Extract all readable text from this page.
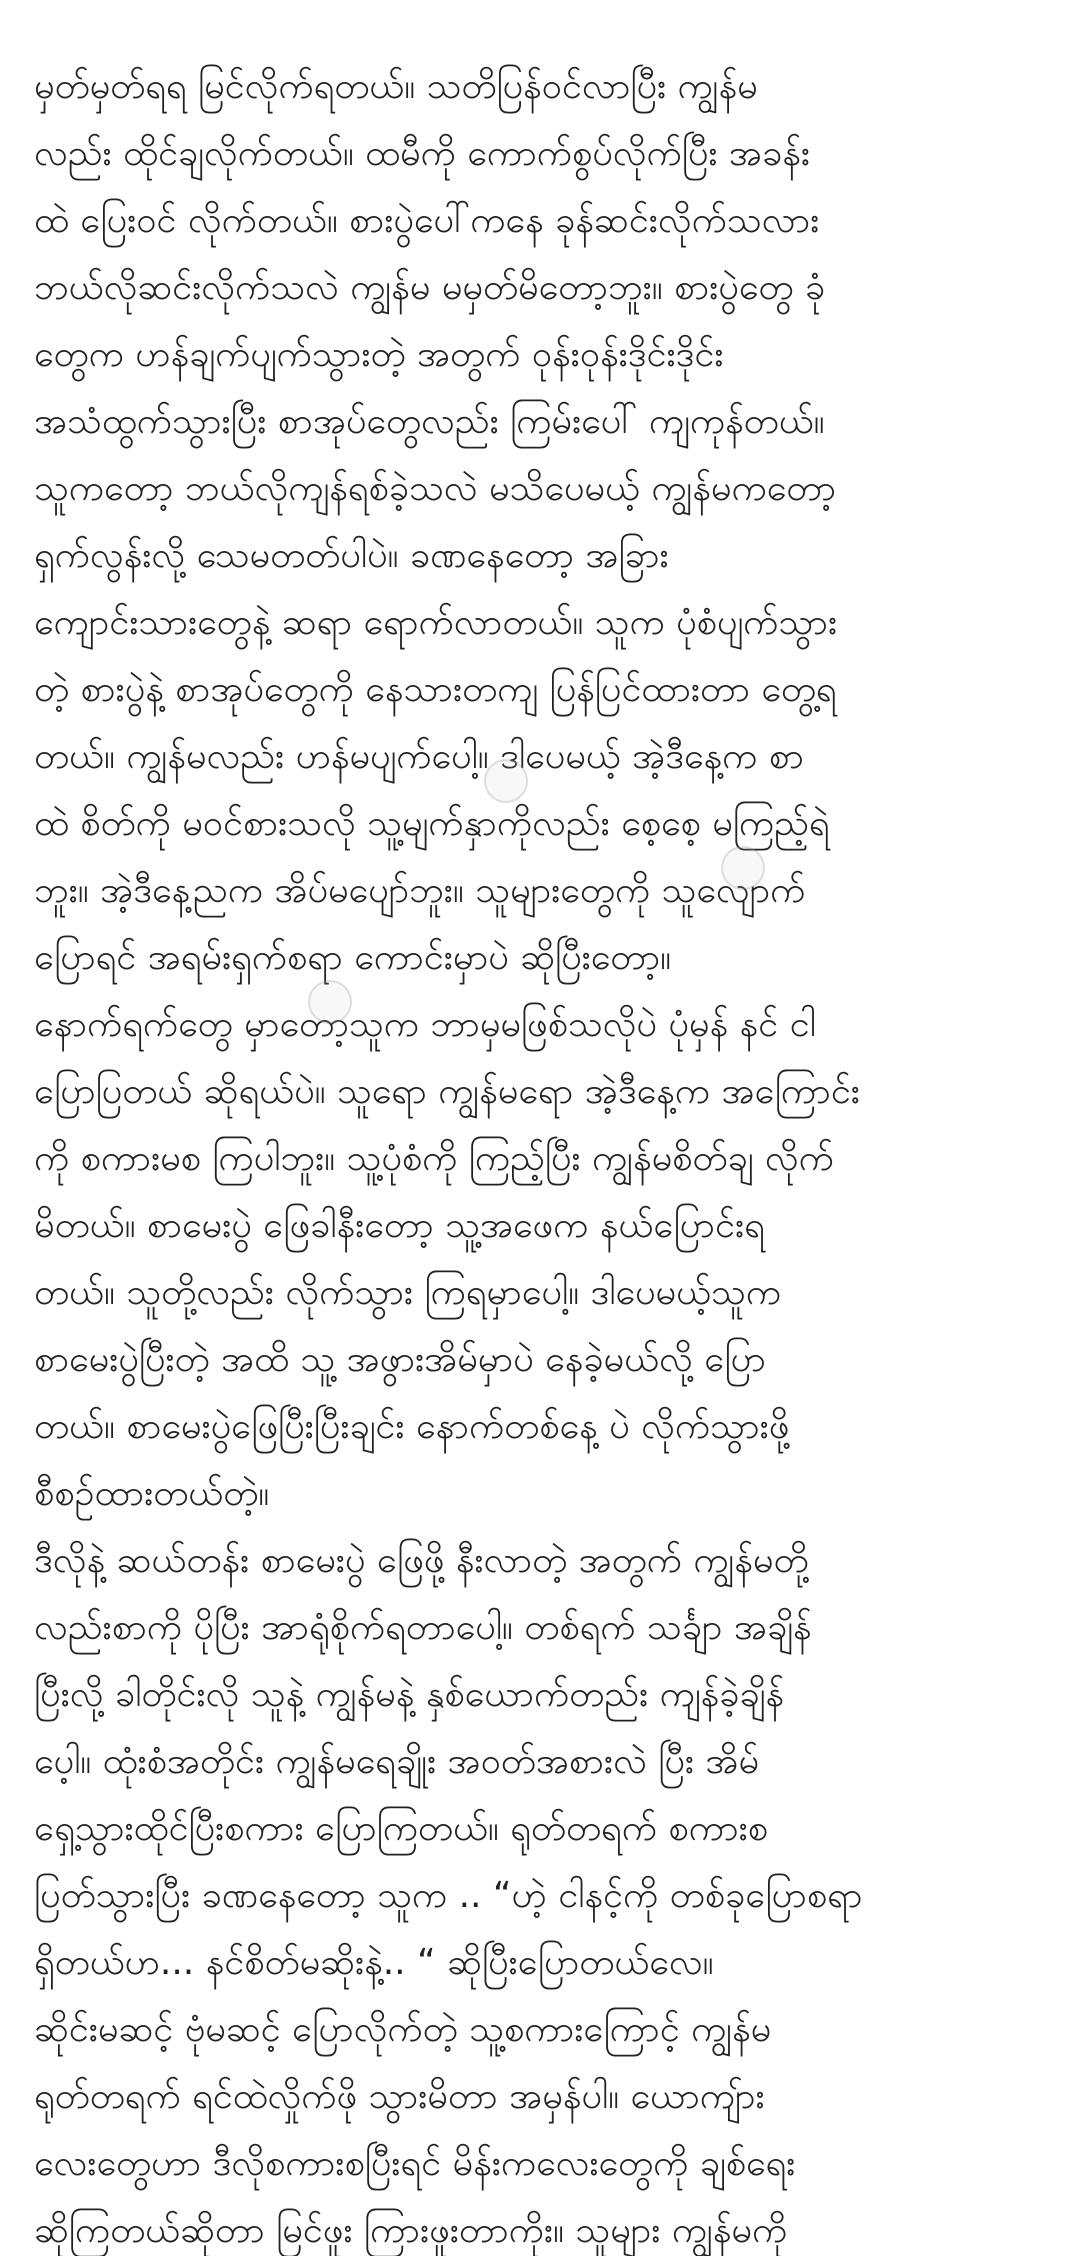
မှတ်မှတ်ရရ မြင်လိုက်ရတယ်။ သတိပြန်ဝင်လာပြီး ကျွန်မ
လည်း ထိုင်ချလိုက်တယ်။ ထမီကို ကောက်စွပ်လိုက်ပြီး အခန်း
ထဲ ပြေးဝင် လိုက်တယ်။ စားပွဲပေါ်ကနေ ခုန်ဆင်းလိုက်သလား
ဘယ်လိုဆင်းလိုက်သလဲ ကျွန်မ မမှတ်မိတော့ဘူး။ စားပွဲတွေ ခုံ
တွေက ဟန်ချက်ပျက်သွားတဲ့ အတွက် ဝုန်းဝုန်းဒိုင်းဒိုင်း
အသံထွက်သွားပြီး စာအုပ်တွေလည်း ကြမ်းပေါ် ကျကုန်တယ်။
သူကတော့ ဘယ်လိုကျန်ရစ်ခဲ့သလဲ မသိပေမယ့် ကျွန်မကတော့
ရှက်လွန်းလို့ သေမတတ်ပါပဲ။ ခဏနေတော့ အခြား
ကျောင်းသားတွေနဲ့ ဆရာ ရောက်လာတယ်။ သူက ပုံစံပျက်သွား
တဲ့ စားပွဲနဲ့ စာအုပ်တွေကို နေသားတကျ ပြန်ပြင်ထားတာ တွေ့ရ
တယ်။ ကျွန်မလည်း ဟန်မပျက်ပေါ့။ ဒါပေမယ့် အဲ့ဒီနေ့က စာ
ထဲ စိတ်ကို မဝင်စားသလို သူ့မျက်နှာကိုလည်း စေ့စေ့ မကြည့်ရဲ
ဘူး။ အဲ့ဒီနေ့ညက အိပ်မပျော်ဘူး။ သူများတွေကို သူလျောက်
ပြောရင် အရမ်းရှက်စရာ ကောင်းမှာပဲ ဆိုပြီးတော့။
နောက်ရက်တွေ မှာတော့သူက ဘာမှမဖြစ်သလိုပဲ ပုံမှန် နင် ငါ
ပြောပြတယ် ဆိုရယ်ပဲ။ သူရော ကျွန်မရော အဲ့ဒီနေ့က အကြောင်း
ကို စကားမစ ကြပါဘူး။ သူ့ပုံစံကို ကြည့်ပြီး ကျွန်မစိတ်ချ လိုက်
မိတယ်။ စာမေးပွဲ ဖြေခါနီးတော့ သူ့အဖေက နယ်ပြောင်းရ
တယ်။ သူတို့လည်း လိုက်သွား ကြရမှာပေါ့။ ဒါပေမယ့်သူက
စာမေးပွဲပြီးတဲ့ အထိ သူ့ အဖွားအိမ်မှာပဲ နေခဲ့မယ်လို့ ပြော
တယ်။ စာမေးပွဲဖြေပြီးပြီးချင်း နောက်တစ်နေ့ ပဲ လိုက်သွားဖို့
စီစဉ်ထားတယ်တဲ့။
ဒီလိုနဲ့ ဆယ်တန်း စာမေးပွဲ ဖြေဖို့ နီးလာတဲ့ အတွက် ကျွန်မတို့
လည်းစာကို ပိုပြီး အာရုံစိုက်ရတာပေါ့။ တစ်ရက် သင်္ချာ အချိန်
ပြီးလို့ ခါတိုင်းလို သူနဲ့ ကျွန်မနဲ့ နှစ်ယောက်တည်း ကျန်ခဲ့ချိန်
ပေ့ါ။ ထုံးစံအတိုင်း ကျွန်မရေချိုး အဝတ်အစားလဲ ပြီး အိမ်
ရှေ့သွားထိုင်ပြီးစကား ပြောကြတယ်။ ရုတ်တရက် စကားစ
ပြတ်သွားပြီး ခဏနေတော့ သူက .. “ဟဲ့ ငါနင့်ကို တစ်ခုပြောစရာ
ရှိတယ်ဟ... နင်စိတ်မဆိုးနဲ့.. “ ဆိုပြီးပြောတယ်လေ။
ဆိုင်းမဆင့် ဗုံမဆင့် ပြောလိုက်တဲ့ သူ့စကားကြောင့် ကျွန်မ
ရုတ်တရက် ရင်ထဲလှိုက်ဖို သွားမိတာ အမှန်ပါ။ ယောကျ်ား
လေးတွေဟာ ဒီလိုစကားစပြီးရင် မိန်းကလေးတွေကို ချစ်ရေး
ဆိုကြတယ်ဆိုတာ မြင်ဖူး ကြားဖူးတာကိုး။ သူများ ကျွန်မကို
